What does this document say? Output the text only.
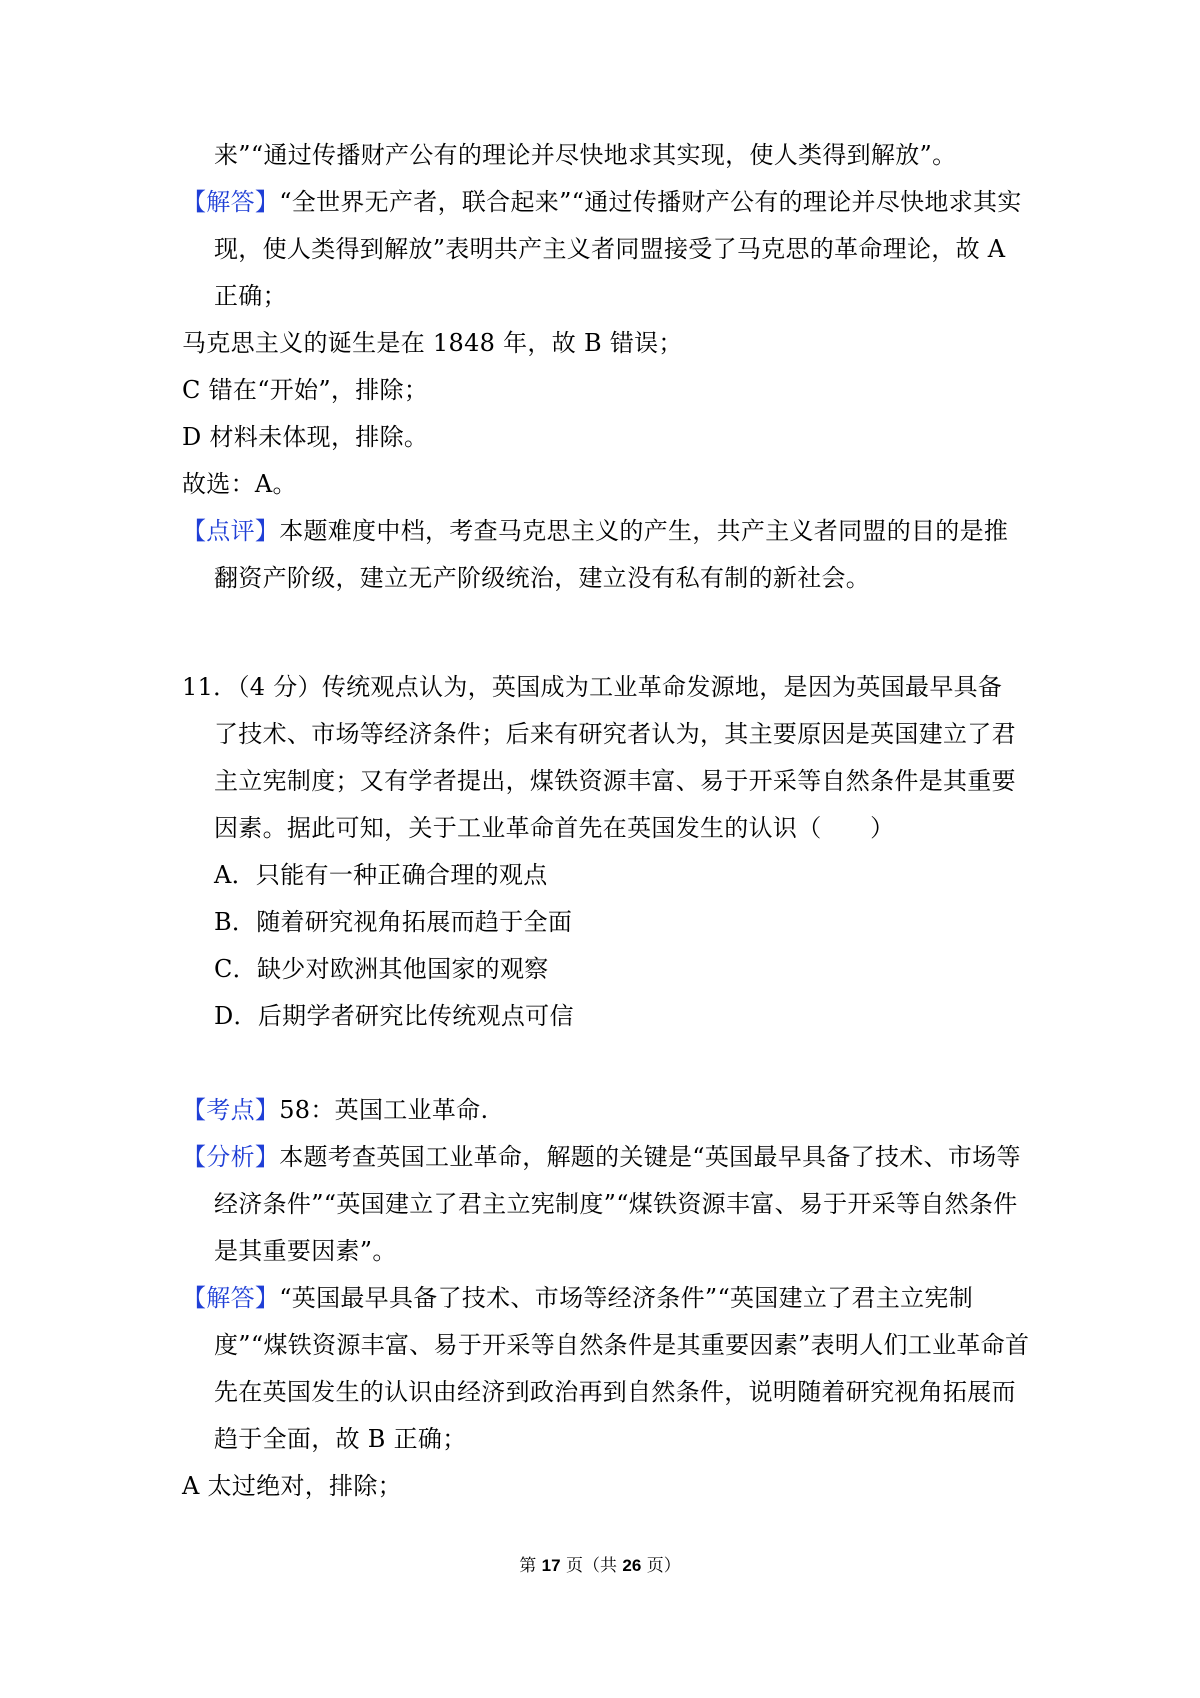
来”“通过传播财产公有的理论并尽快地求其实现，使人类得到解放”。
【解答】“全世界无产者，联合起来”“通过传播财产公有的理论并尽快地求其实
现，使人类得到解放”表明共产主义者同盟接受了马克思的革命理论，故 A
正确；
马克思主义的诞生是在 1848 年，故 B 错误；
C 错在“开始”，排除；
D 材料未体现，排除。
故选：A。
【点评】本题难度中档，考查马克思主义的产生，共产主义者同盟的目的是推
翻资产阶级，建立无产阶级统治，建立没有私有制的新社会。
11．（4 分）传统观点认为，英国成为工业革命发源地，是因为英国最早具备
了技术、市场等经济条件；后来有研究者认为，其主要原因是英国建立了君
主立宪制度；又有学者提出，煤铁资源丰富、易于开采等自然条件是其重要
因素。据此可知，关于工业革命首先在英国发生的认识（　　）
A．只能有一种正确合理的观点
B．随着研究视角拓展而趋于全面
C．缺少对欧洲其他国家的观察
D．后期学者研究比传统观点可信
【考点】58：英国工业革命.
【分析】本题考查英国工业革命，解题的关键是“英国最早具备了技术、市场等
经济条件”“英国建立了君主立宪制度”“煤铁资源丰富、易于开采等自然条件
是其重要因素”。
【解答】“英国最早具备了技术、市场等经济条件”“英国建立了君主立宪制
度”“煤铁资源丰富、易于开采等自然条件是其重要因素”表明人们工业革命首
先在英国发生的认识由经济到政治再到自然条件，说明随着研究视角拓展而
趋于全面，故 B 正确；
A 太过绝对，排除；
第 17 页（共 26 页）
